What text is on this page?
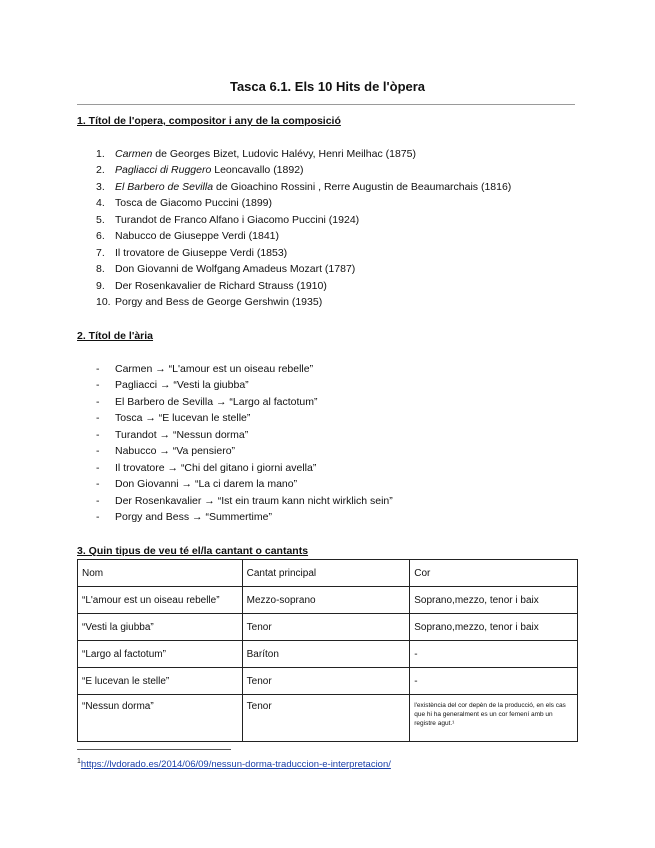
Tasca 6.1. Els 10 Hits de l'òpera
1. Títol de l'opera, compositor i any de la composició
1. Carmen de Georges Bizet, Ludovic Halévy, Henri Meilhac (1875)
2. Pagliacci di Ruggero Leoncavallo (1892)
3. El Barbero de Sevilla de Gioachino Rossini , Rerre Augustin de Beaumarchais (1816)
4. Tosca de Giacomo Puccini (1899)
5. Turandot de Franco Alfano i Giacomo Puccini (1924)
6. Nabucco de Giuseppe Verdi (1841)
7. Il trovatore de Giuseppe Verdi (1853)
8. Don Giovanni de Wolfgang Amadeus Mozart (1787)
9. Der Rosenkavalier de Richard Strauss (1910)
10. Porgy and Bess de George Gershwin (1935)
2. Títol de l'ària
- Carmen → “L'amour est un oiseau rebelle”
- Pagliacci → “Vesti la giubba”
- El Barbero de Sevilla → “Largo al factotum”
- Tosca → “E lucevan le stelle”
- Turandot → “Nessun dorma”
- Nabucco → “Va pensiero”
- Il trovatore → “Chi del gitano i giorni avella”
- Don Giovanni → “La ci darem la mano”
- Der Rosenkavalier → “Ist ein traum kann nicht wirklich sein”
- Porgy and Bess → “Summertime”
3. Quin tipus de veu té el/la cantant o cantants
Nom	Cantat principal	Cor
“L'amour est un oiseau rebelle”	Mezzo-soprano	Soprano,mezzo, tenor i baix
“Vesti la giubba”	Tenor	Soprano,mezzo, tenor i baix
“Largo al factotum”	Baríton	-
“E lucevan le stelle”	Tenor	-
“Nessun dorma”	Tenor	l'existència del cor depèn de la producció, en els cas que hi ha generalment es un cor femení amb un registre agut.¹
$^1$https://lvdorado.es/2014/06/09/nessun-dorma-traduccion-e-interpretacion/
